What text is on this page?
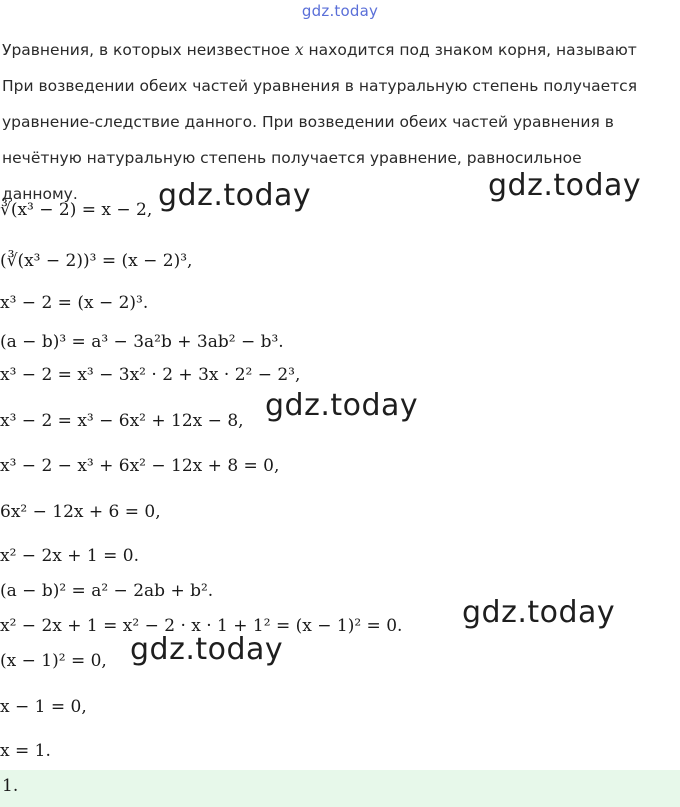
gdz.today
Уравнения, в которых неизвестное x находится под знаком корня, называют
При возведении обеих частей уравнения в натуральную степень получается
уравнение-следствие данного. При возведении обеих частей уравнения в
нечётную натуральную степень получается уравнение, равносильное
данному.
∛(x³ − 2) = x − 2,
(∛(x³ − 2))³ = (x − 2)³,
x³ − 2 = (x − 2)³.
(a − b)³ = a³ − 3a²b + 3ab² − b³.
x³ − 2 = x³ − 3x² · 2 + 3x · 2² − 2³,
x³ − 2 = x³ − 6x² + 12x − 8,
x³ − 2 − x³ + 6x² − 12x + 8 = 0,
6x² − 12x + 6 = 0,
x² − 2x + 1 = 0.
(a − b)² = a² − 2ab + b².
x² − 2x + 1 = x² − 2 · x · 1 + 1² = (x − 1)² = 0.
(x − 1)² = 0,
x − 1 = 0,
x = 1.
gdz.today	gdz.today
gdz.today
gdz.today
gdz.today
1.
